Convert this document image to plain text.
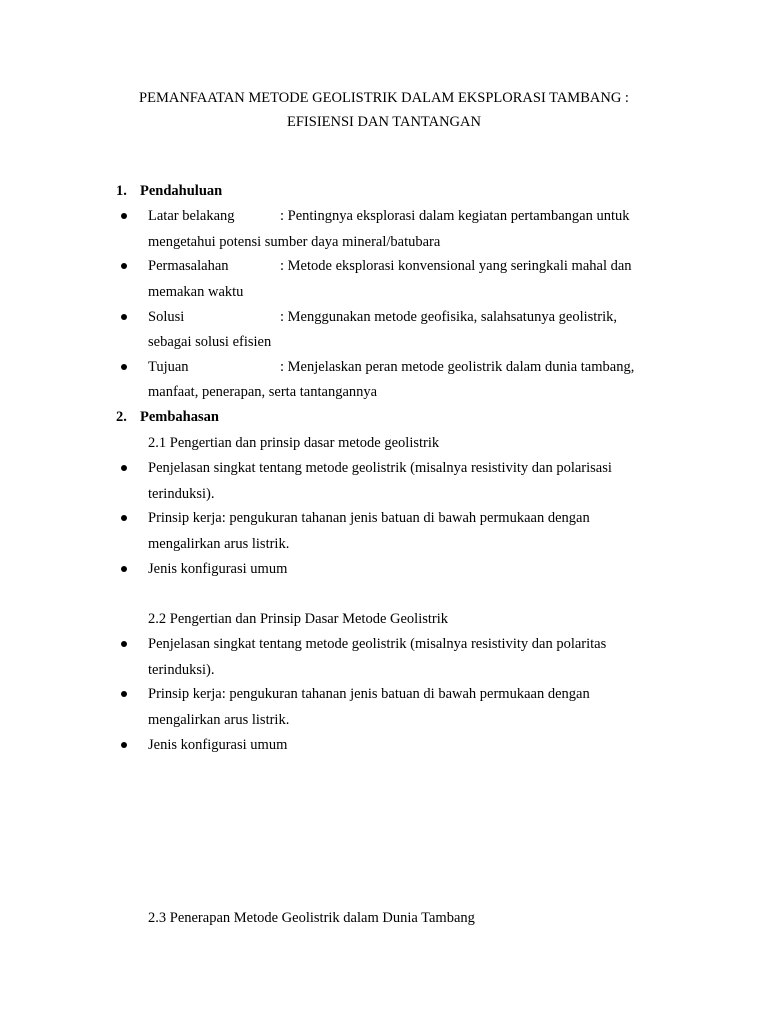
PEMANFAATAN METODE GEOLISTRIK DALAM EKSPLORASI TAMBANG :
EFISIENSI DAN TANTANGAN
1. Pendahuluan
Latar belakang	: Pentingnya eksplorasi dalam kegiatan pertambangan untuk
mengetahui potensi sumber daya mineral/batubara
Permasalahan	: Metode eksplorasi konvensional yang seringkali mahal dan
memakan waktu
Solusi	: Menggunakan metode geofisika, salahsatunya geolistrik,
sebagai solusi efisien
Tujuan	: Menjelaskan peran metode geolistrik dalam dunia tambang,
manfaat, penerapan, serta tantangannya
2. Pembahasan
2.1 Pengertian dan prinsip dasar metode geolistrik
Penjelasan singkat tentang metode geolistrik (misalnya resistivity dan polarisasi
terinduksi).
Prinsip kerja: pengukuran tahanan jenis batuan di bawah permukaan dengan
mengalirkan arus listrik.
Jenis konfigurasi umum
2.2 Pengertian dan Prinsip Dasar Metode Geolistrik
Penjelasan singkat tentang metode geolistrik (misalnya resistivity dan polaritas
terinduksi).
Prinsip kerja: pengukuran tahanan jenis batuan di bawah permukaan dengan
mengalirkan arus listrik.
Jenis konfigurasi umum
2.3 Penerapan Metode Geolistrik dalam Dunia Tambang
